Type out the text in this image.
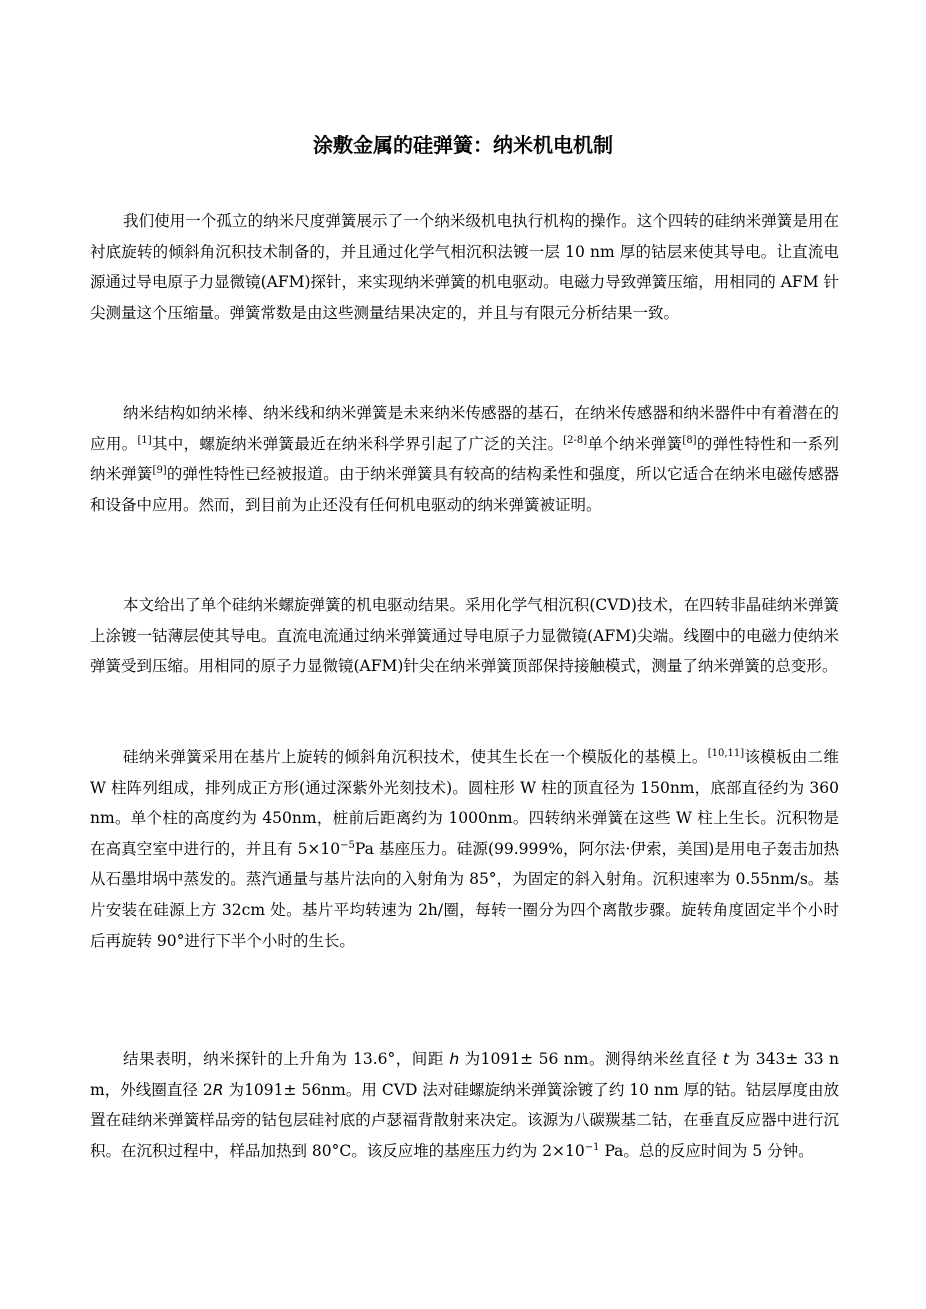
涂敷金属的硅弹簧：纳米机电机制

我们使用一个孤立的纳米尺度弹簧展示了一个纳米级机电执行机构的操作。这个四转的硅纳米弹簧是用在衬底旋转的倾斜角沉积技术制备的，并且通过化学气相沉积法镀一层 10 nm 厚的钴层来使其导电。让直流电源通过导电原子力显微镜(AFM)探针，来实现纳米弹簧的机电驱动。电磁力导致弹簧压缩，用相同的 AFM 针尖测量这个压缩量。弹簧常数是由这些测量结果决定的，并且与有限元分析结果一致。

纳米结构如纳米棒、纳米线和纳米弹簧是未来纳米传感器的基石，在纳米传感器和纳米器件中有着潜在的应用。[1]其中，螺旋纳米弹簧最近在纳米科学界引起了广泛的关注。[2-8]单个纳米弹簧[8]的弹性特性和一系列纳米弹簧[9]的弹性特性已经被报道。由于纳米弹簧具有较高的结构柔性和强度，所以它适合在纳米电磁传感器和设备中应用。然而，到目前为止还没有任何机电驱动的纳米弹簧被证明。

本文给出了单个硅纳米螺旋弹簧的机电驱动结果。采用化学气相沉积(CVD)技术，在四转非晶硅纳米弹簧上涂镀一钴薄层使其导电。直流电流通过纳米弹簧通过导电原子力显微镜(AFM)尖端。线圈中的电磁力使纳米弹簧受到压缩。用相同的原子力显微镜(AFM)针尖在纳米弹簧顶部保持接触模式，测量了纳米弹簧的总变形。

硅纳米弹簧采用在基片上旋转的倾斜角沉积技术，使其生长在一个模版化的基模上。[10,11]该模板由二维 W 柱阵列组成，排列成正方形(通过深紫外光刻技术)。圆柱形 W 柱的顶直径为 150nm，底部直径约为 360nm。单个柱的高度约为 450nm，桩前后距离约为 1000nm。四转纳米弹簧在这些 W 柱上生长。沉积物是在高真空室中进行的，并且有 $5\times 10^{-5}Pa$ 基座压力。硅源(99.999%，阿尔法·伊索，美国)是用电子轰击加热从石墨坩埚中蒸发的。蒸汽通量与基片法向的入射角为 85°，为固定的斜入射角。沉积速率为 0.55nm/s。基片安装在硅源上方 32cm 处。基片平均转速为 2h/圈，每转一圈分为四个离散步骤。旋转角度固定半个小时后再旋转 90°进行下半个小时的生长。

结果表明，纳米探针的上升角为 13.6°，间距 h 为1091± 56 nm。测得纳米丝直径 t 为 343± 33 nm，外线圈直径 2R 为1091± 56nm。用 CVD 法对硅螺旋纳米弹簧涂镀了约 10 nm 厚的钴。钴层厚度由放置在硅纳米弹簧样品旁的钴包层硅衬底的卢瑟福背散射来决定。该源为八碳羰基二钴，在垂直反应器中进行沉积。在沉积过程中，样品加热到 80°C。该反应堆的基座压力约为 $2\times 10^{-1}$ Pa。总的反应时间为 5 分钟。
